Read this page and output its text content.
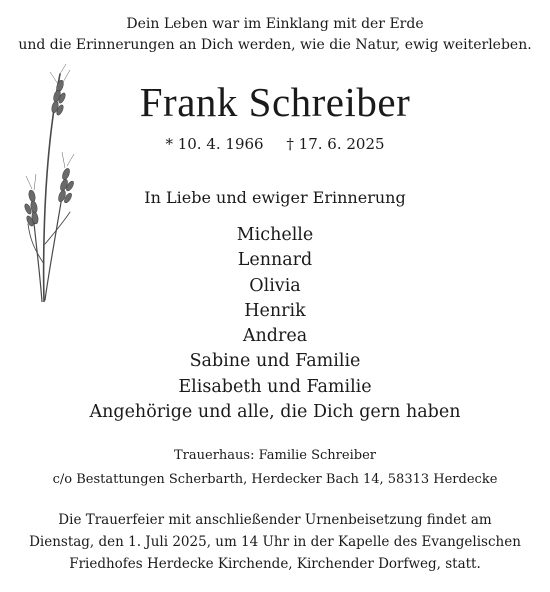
Dein Leben war im Einklang mit der Erde
und die Erinnerungen an Dich werden, wie die Natur, ewig weiterleben.
Frank Schreiber
* 10. 4. 1966 † 17. 6. 2025
In Liebe und ewiger Erinnerung
Michelle
Lennard
Olivia
Henrik
Andrea
Sabine und Familie
Elisabeth und Familie
Angehörige und alle, die Dich gern haben
Trauerhaus: Familie Schreiber
c/o Bestattungen Scherbarth, Herdecker Bach 14, 58313 Herdecke
Die Trauerfeier mit anschließender Urnenbeisetzung findet am
Dienstag, den 1. Juli 2025, um 14 Uhr in der Kapelle des Evangelischen
Friedhofes Herdecke Kirchende, Kirchender Dorfweg, statt.
